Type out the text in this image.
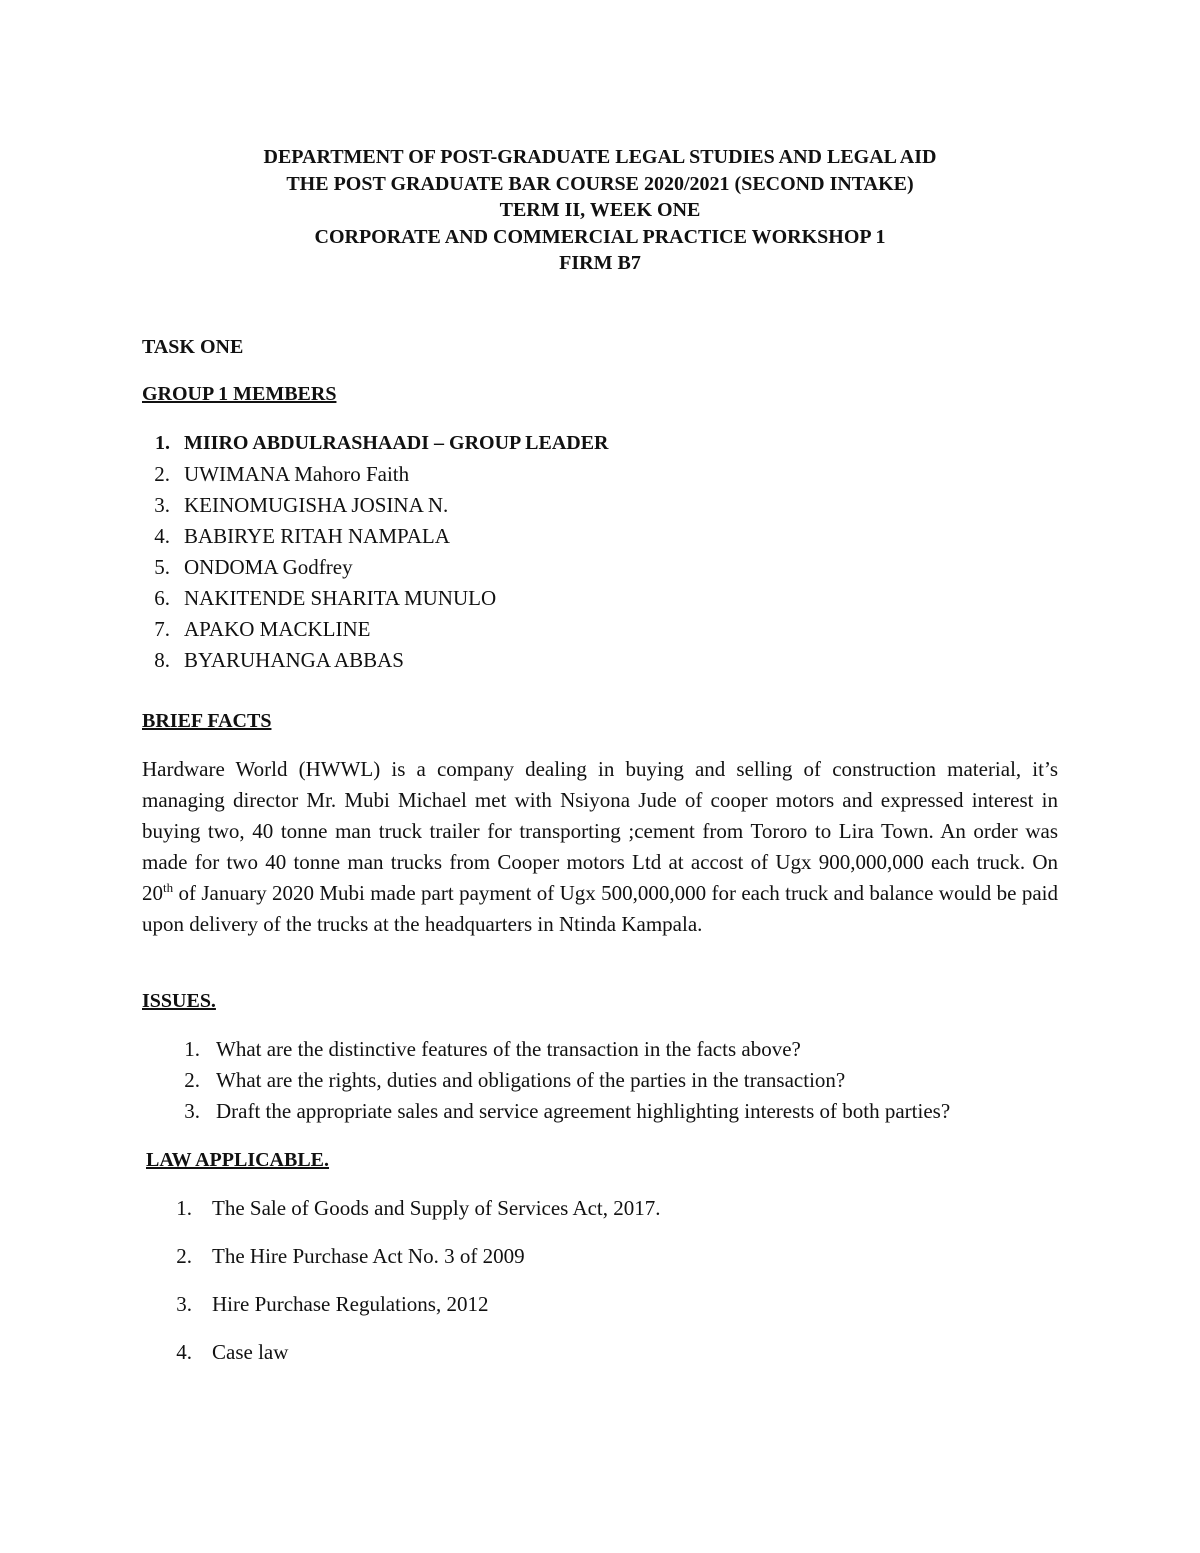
DEPARTMENT OF POST-GRADUATE LEGAL STUDIES AND LEGAL AID
THE POST GRADUATE BAR COURSE 2020/2021 (SECOND INTAKE)
TERM II, WEEK ONE
CORPORATE AND COMMERCIAL PRACTICE WORKSHOP 1
FIRM B7
TASK ONE
GROUP 1 MEMBERS
1. MIIRO ABDULRASHAADI – GROUP LEADER
2. UWIMANA Mahoro Faith
3. KEINOMUGISHA JOSINA N.
4. BABIRYE RITAH NAMPALA
5. ONDOMA Godfrey
6. NAKITENDE SHARITA MUNULO
7. APAKO MACKLINE
8. BYARUHANGA ABBAS
BRIEF FACTS

Hardware World (HWWL) is a company dealing in buying and selling of construction material, it’s managing director Mr. Mubi Michael met with Nsiyona Jude of cooper motors and expressed interest in buying two, 40 tonne man truck trailer for transporting ;cement from Tororo to Lira Town. An order was made for two 40 tonne man trucks from Cooper motors Ltd at accost of Ugx 900,000,000 each truck. On 20th of January 2020 Mubi made part payment of Ugx 500,000,000 for each truck and balance would be paid upon delivery of the trucks at the headquarters in Ntinda Kampala.

ISSUES.
1. What are the distinctive features of the transaction in the facts above?
2. What are the rights, duties and obligations of the parties in the transaction?
3. Draft the appropriate sales and service agreement highlighting interests of both parties?
LAW APPLICABLE.
1. The Sale of Goods and Supply of Services Act, 2017.
2. The Hire Purchase Act No. 3 of 2009
3. Hire Purchase Regulations, 2012
4. Case law
